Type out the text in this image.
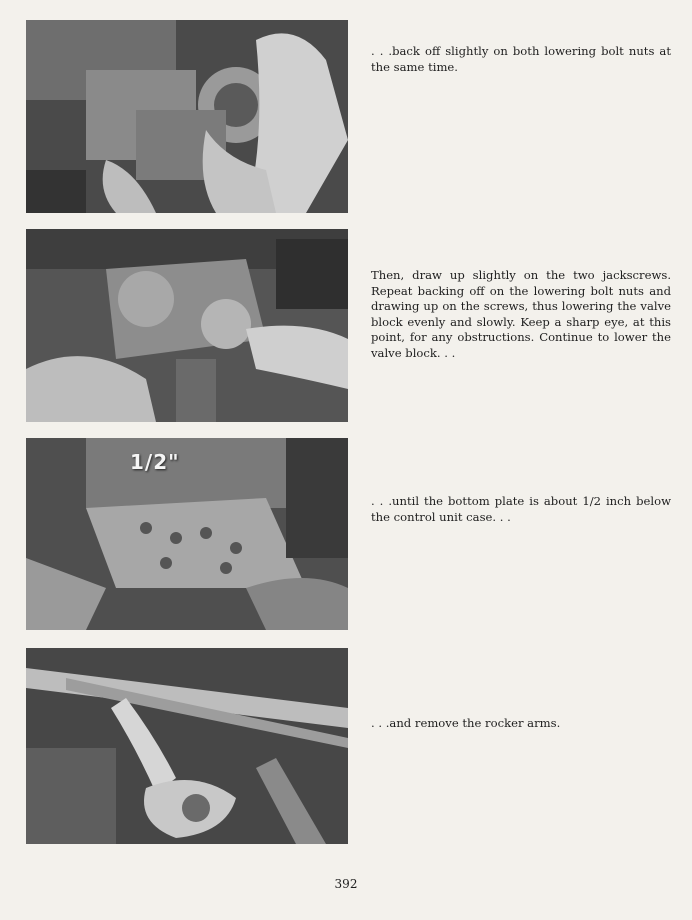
. . .back off slightly on both lowering bolt nuts at the same time.

Then, draw up slightly on the two jackscrews. Repeat backing off on the lowering bolt nuts and drawing up on the screws, thus lowering the valve block evenly and slowly. Keep a sharp eye, at this point, for any obstructions. Continue to lower the valve block. . .

1/2"

. . .until the bottom plate is about 1/2 inch below the control unit case. . .

. . .and remove the rocker arms.

392
